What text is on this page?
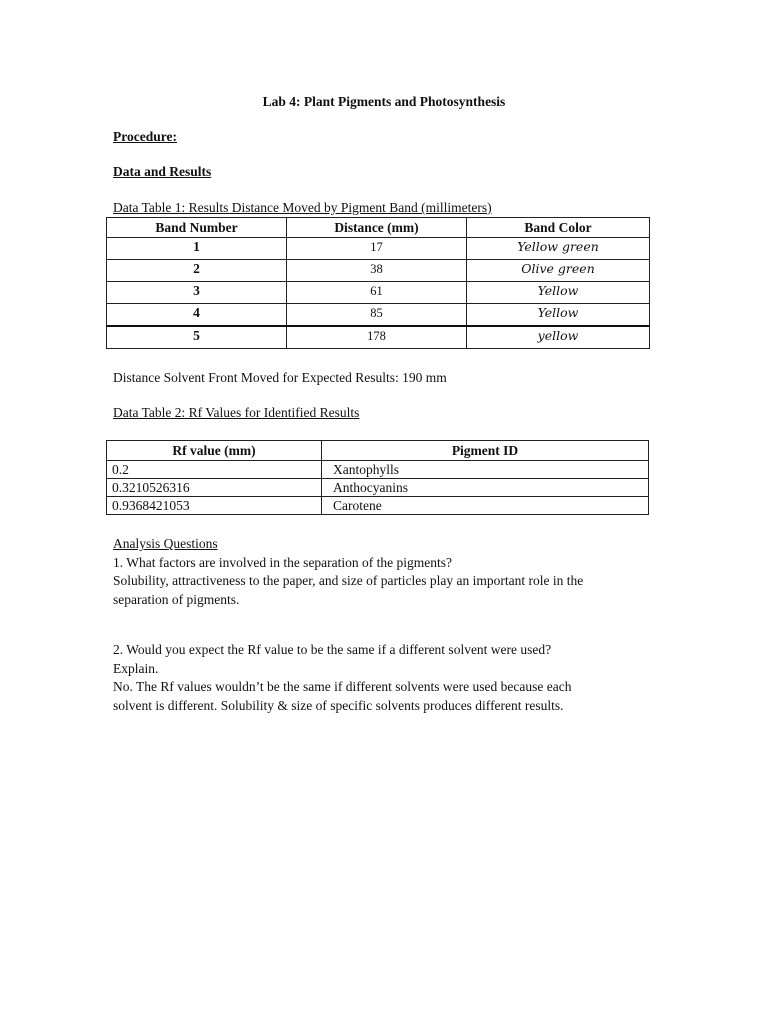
Lab 4: Plant Pigments and Photosynthesis
Procedure:
Data and Results
Data Table 1: Results Distance Moved by Pigment Band (millimeters)
Band Number	Distance (mm)	Band Color
1	17	Yellow green
2	38	Olive green
3	61	Yellow
4	85	Yellow
5	178	yellow
Distance Solvent Front Moved for Expected Results: 190 mm
Data Table 2: Rf Values for Identified Results
Rf value (mm)	Pigment ID
0.2	Xantophylls
0.3210526316	Anthocyanins
0.9368421053	Carotene
Analysis Questions
1. What factors are involved in the separation of the pigments?
Solubility, attractiveness to the paper, and size of particles play an important role in the
separation of pigments.
2. Would you expect the Rf value to be the same if a different solvent were used?
Explain.
No. The Rf values wouldn’t be the same if different solvents were used because each
solvent is different. Solubility & size of specific solvents produces different results.
